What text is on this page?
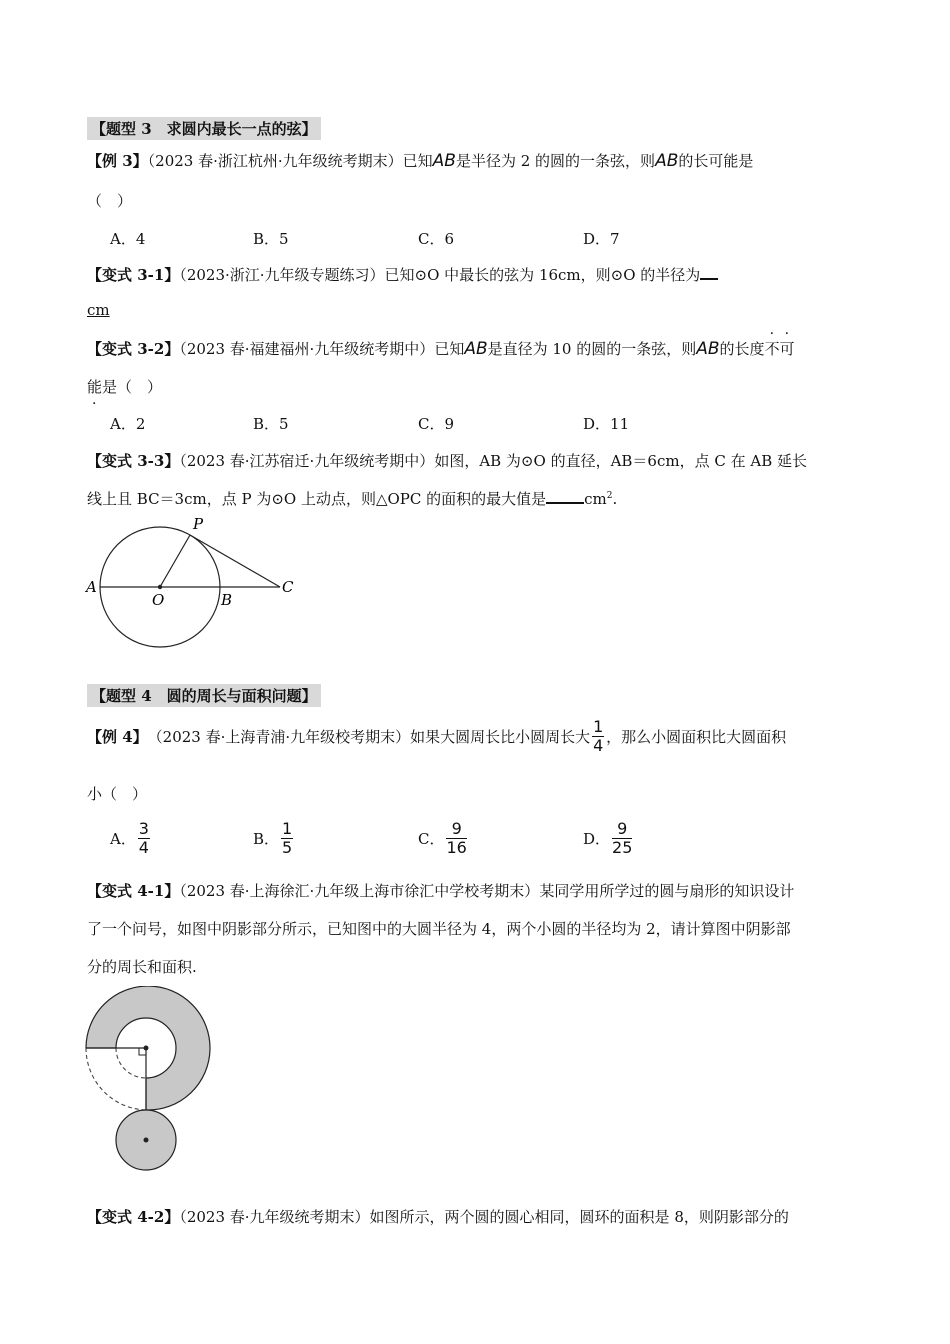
【题型 3　求圆内最长一点的弦】
【例 3】（2023 春·浙江杭州·九年级统考期末）已知AB是半径为 2 的圆的一条弦，则AB的长可能是
（　）
A．4	B．5	C．6	D．7
【变式 3-1】（2023·浙江·九年级专题练习）已知⊙O 中最长的弦为 16cm，则⊙O 的半径为
cm
【变式 3-2】（2023 春·福建福州·九年级统考期中）已知AB是直径为 10 的圆的一条弦，则AB的长度不可
能是（　）
A．2	B．5	C．9	D．11
【变式 3-3】（2023 春·江苏宿迁·九年级统考期中）如图，AB 为⊙O 的直径，AB＝6cm，点 C 在 AB 延长
线上且 BC＝3cm，点 P 为⊙O 上动点，则△OPC 的面积的最大值是	$cm^2$.
P
A
O	B
C
【题型 4　圆的周长与面积问题】
【例 4】 （2023 春·上海青浦·九年级校考期末） 如果大圆周长比小圆周长大 $\frac{1}{4}$ ，那么小圆面积比大圆面积
小（　）
A． $\frac{3}{4}$	B． $\frac{1}{5}$	C． $\frac{9}{16}$	D． $\frac{9}{25}$
【变式 4-1】（2023 春·上海徐汇·九年级上海市徐汇中学校考期末）某同学用所学过的圆与扇形的知识设计
了一个问号，如图中阴影部分所示，已知图中的大圆半径为 4，两个小圆的半径均为 2，请计算图中阴影部
分的周长和面积.
【变式 4-2】（2023 春·九年级统考期末）如图所示，两个圆的圆心相同，圆环的面积是 8，则阴影部分的
